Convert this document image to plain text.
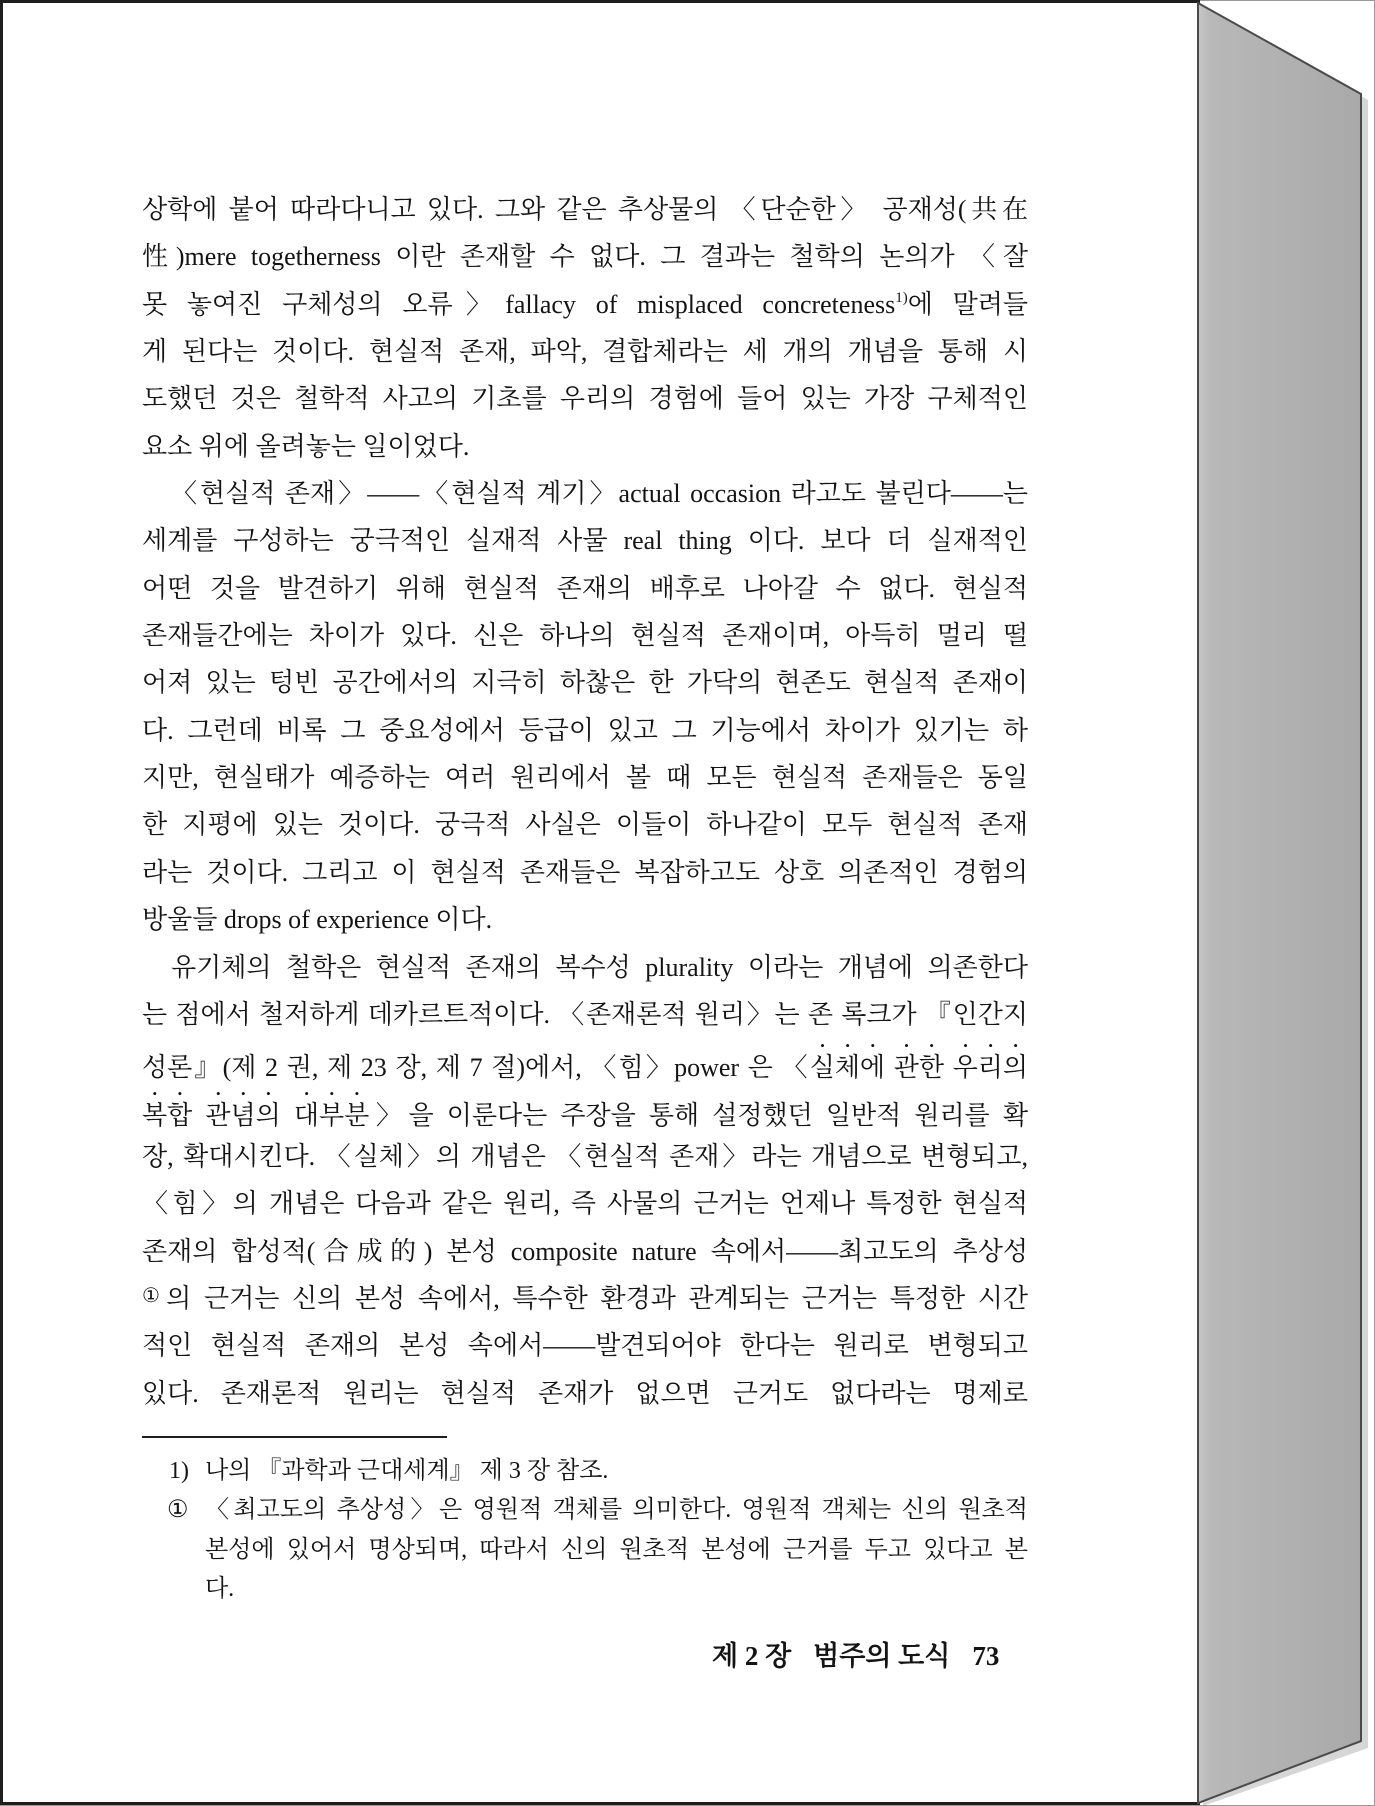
상학에 붙어 따라다니고 있다. 그와 같은 추상물의 〈단순한〉 공재성(共在
性)mere togetherness 이란 존재할 수 없다. 그 결과는 철학의 논의가 〈잘
못 놓여진 구체성의 오류〉fallacy of misplaced concreteness$^{1)}$에 말려들
게 된다는 것이다. 현실적 존재, 파악, 결합체라는 세 개의 개념을 통해 시
도했던 것은 철학적 사고의 기초를 우리의 경험에 들어 있는 가장 구체적인
요소 위에 올려놓는 일이었다.
〈현실적 존재〉——〈현실적 계기〉actual occasion 라고도 불린다——는
세계를 구성하는 궁극적인 실재적 사물 real thing 이다. 보다 더 실재적인
어떤 것을 발견하기 위해 현실적 존재의 배후로 나아갈 수 없다. 현실적
존재들간에는 차이가 있다. 신은 하나의 현실적 존재이며, 아득히 멀리 떨
어져 있는 텅빈 공간에서의 지극히 하찮은 한 가닥의 현존도 현실적 존재이
다. 그런데 비록 그 중요성에서 등급이 있고 그 기능에서 차이가 있기는 하
지만, 현실태가 예증하는 여러 원리에서 볼 때 모든 현실적 존재들은 동일
한 지평에 있는 것이다. 궁극적 사실은 이들이 하나같이 모두 현실적 존재
라는 것이다. 그리고 이 현실적 존재들은 복잡하고도 상호 의존적인 경험의
방울들 drops of experience 이다.
유기체의 철학은 현실적 존재의 복수성 plurality 이라는 개념에 의존한다
는 점에서 철저하게 데카르트적이다. 〈존재론적 원리〉는 존 록크가 『인간지
성론』(제 2 권, 제 23 장, 제 7 절)에서, 〈힘〉power 은 〈실체에 관한 우리의
복합 관념의 대부분〉을 이룬다는 주장을 통해 설정했던 일반적 원리를 확
장, 확대시킨다. 〈실체〉의 개념은 〈현실적 존재〉라는 개념으로 변형되고,
〈힘〉의 개념은 다음과 같은 원리, 즉 사물의 근거는 언제나 특정한 현실적
존재의 합성적(合成的) 본성 composite nature 속에서——최고도의 추상성
①의 근거는 신의 본성 속에서, 특수한 환경과 관계되는 근거는 특정한 시간
적인 현실적 존재의 본성 속에서——발견되어야 한다는 원리로 변형되고
있다. 존재론적 원리는 현실적 존재가 없으면 근거도 없다라는 명제로
1) 나의 『과학과 근대세계』 제 3 장 참조.
① 〈최고도의 추상성〉은 영원적 객체를 의미한다. 영원적 객체는 신의 원초적
본성에 있어서 명상되며, 따라서 신의 원초적 본성에 근거를 두고 있다고 본
다.
제 2 장 범주의 도식 73
